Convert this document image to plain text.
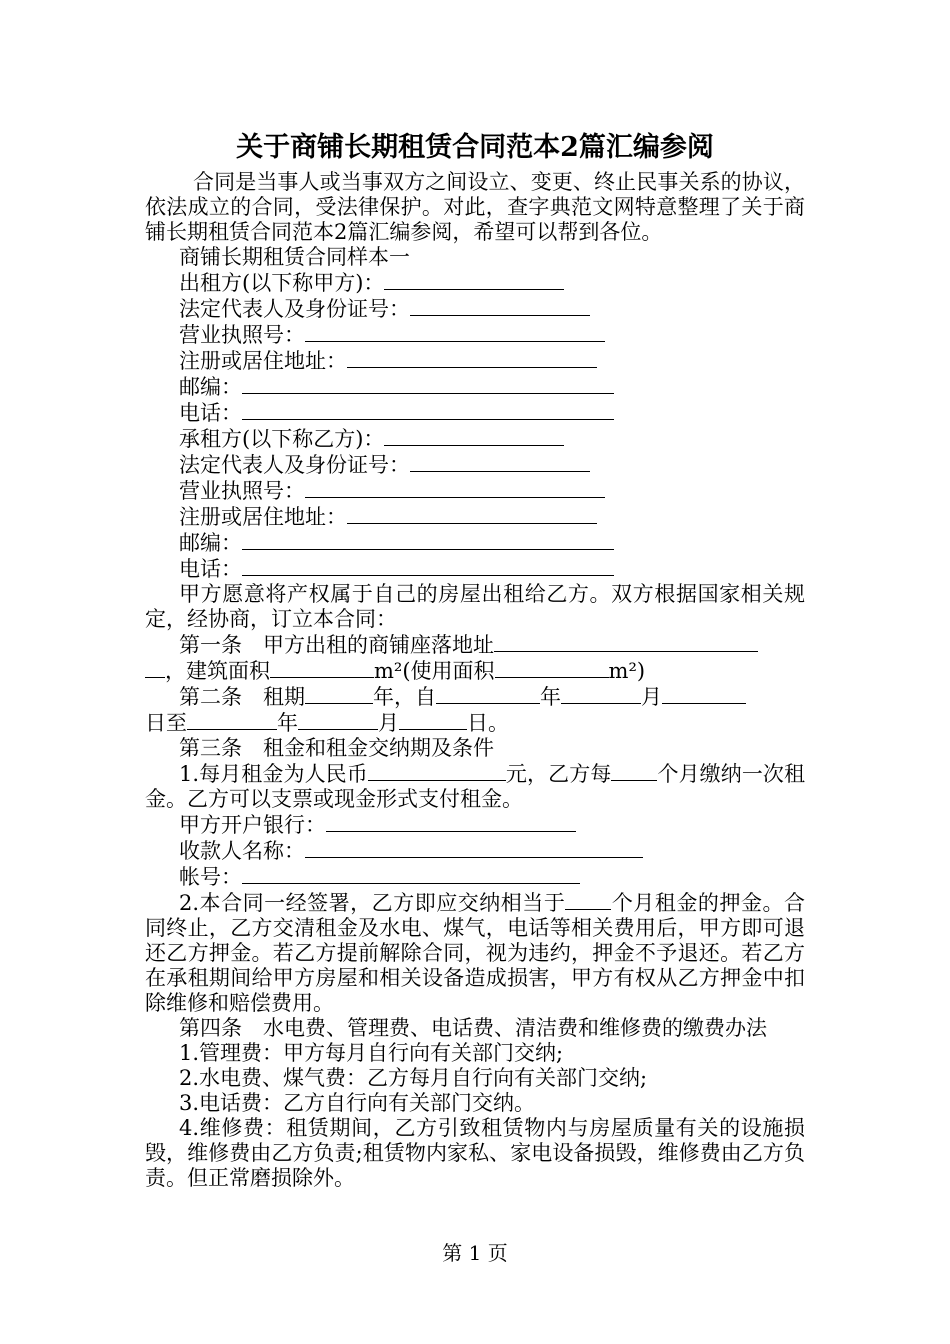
关于商铺长期租赁合同范本2篇汇编参阅

合同是当事人或当事双方之间设立、变更、终止民事关系的协议，依法成立的合同，受法律保护。对此，查字典范文网特意整理了关于商铺长期租赁合同范本2篇汇编参阅，希望可以帮到各位。

商铺长期租赁合同样本一

出租方(以下称甲方)：

法定代表人及身份证号：

营业执照号：

注册或居住地址：

邮编：

电话：

承租方(以下称乙方)：

法定代表人及身份证号：

营业执照号：

注册或居住地址：

邮编：

电话：

甲方愿意将产权属于自己的房屋出租给乙方。双方根据国家相关规定，经协商，订立本合同：

第一条　甲方出租的商铺座落地址

，建筑面积	m²(使用面积	m²)

第二条　租期	年，自	年	月

日至	年	月	日。

第三条　租金和租金交纳期及条件

1.每月租金为人民币	元，乙方每 个月缴纳一次租金。乙方可以支票或现金形式支付租金。

甲方开户银行：

收款人名称：

帐号：

2.本合同一经签署，乙方即应交纳相当于 个月租金的押金。合同终止，乙方交清租金及水电、煤气，电话等相关费用后，甲方即可退还乙方押金。若乙方提前解除合同，视为违约，押金不予退还。若乙方在承租期间给甲方房屋和相关设备造成损害，甲方有权从乙方押金中扣除维修和赔偿费用。

第四条　水电费、管理费、电话费、清洁费和维修费的缴费办法

1.管理费：甲方每月自行向有关部门交纳;

2.水电费、煤气费：乙方每月自行向有关部门交纳;

3.电话费：乙方自行向有关部门交纳。

4.维修费：租赁期间，乙方引致租赁物内与房屋质量有关的设施损毁，维修费由乙方负责;租赁物内家私、家电设备损毁，维修费由乙方负责。但正常磨损除外。

第 1 页
